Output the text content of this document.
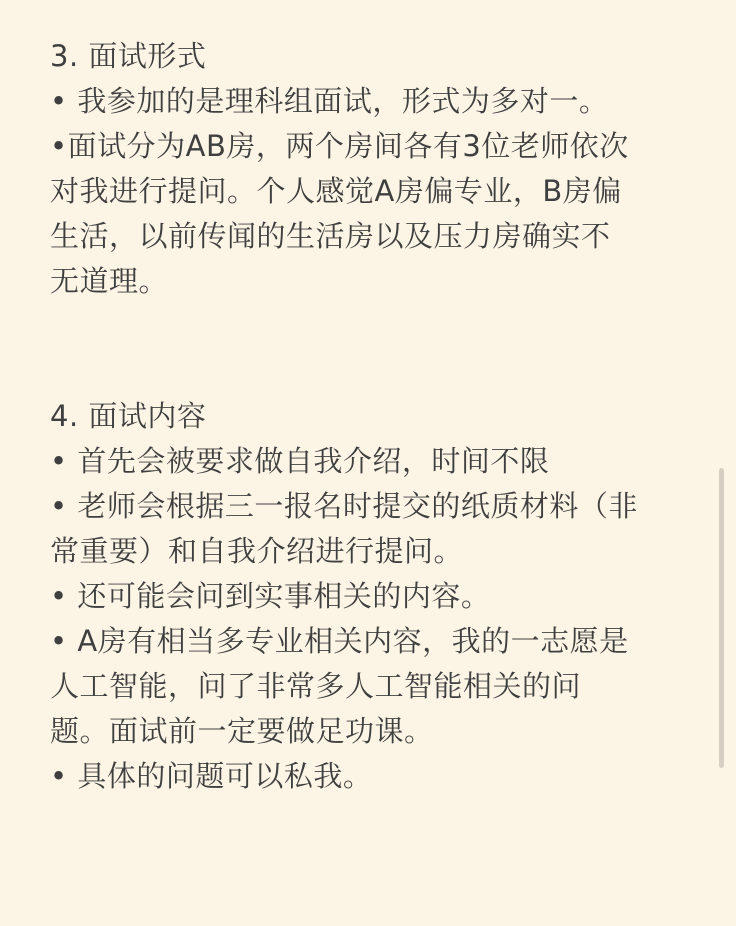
3. 面试形式
• 我参加的是理科组面试，形式为多对一。
•面试分为AB房，两个房间各有3位老师依次
对我进行提问。个人感觉A房偏专业，B房偏
生活，以前传闻的生活房以及压力房确实不
无道理。
4. 面试内容
• 首先会被要求做自我介绍，时间不限
• 老师会根据三一报名时提交的纸质材料（非
常重要）和自我介绍进行提问。
• 还可能会问到实事相关的内容。
• A房有相当多专业相关内容，我的一志愿是
人工智能，问了非常多人工智能相关的问
题。面试前一定要做足功课。
• 具体的问题可以私我。
